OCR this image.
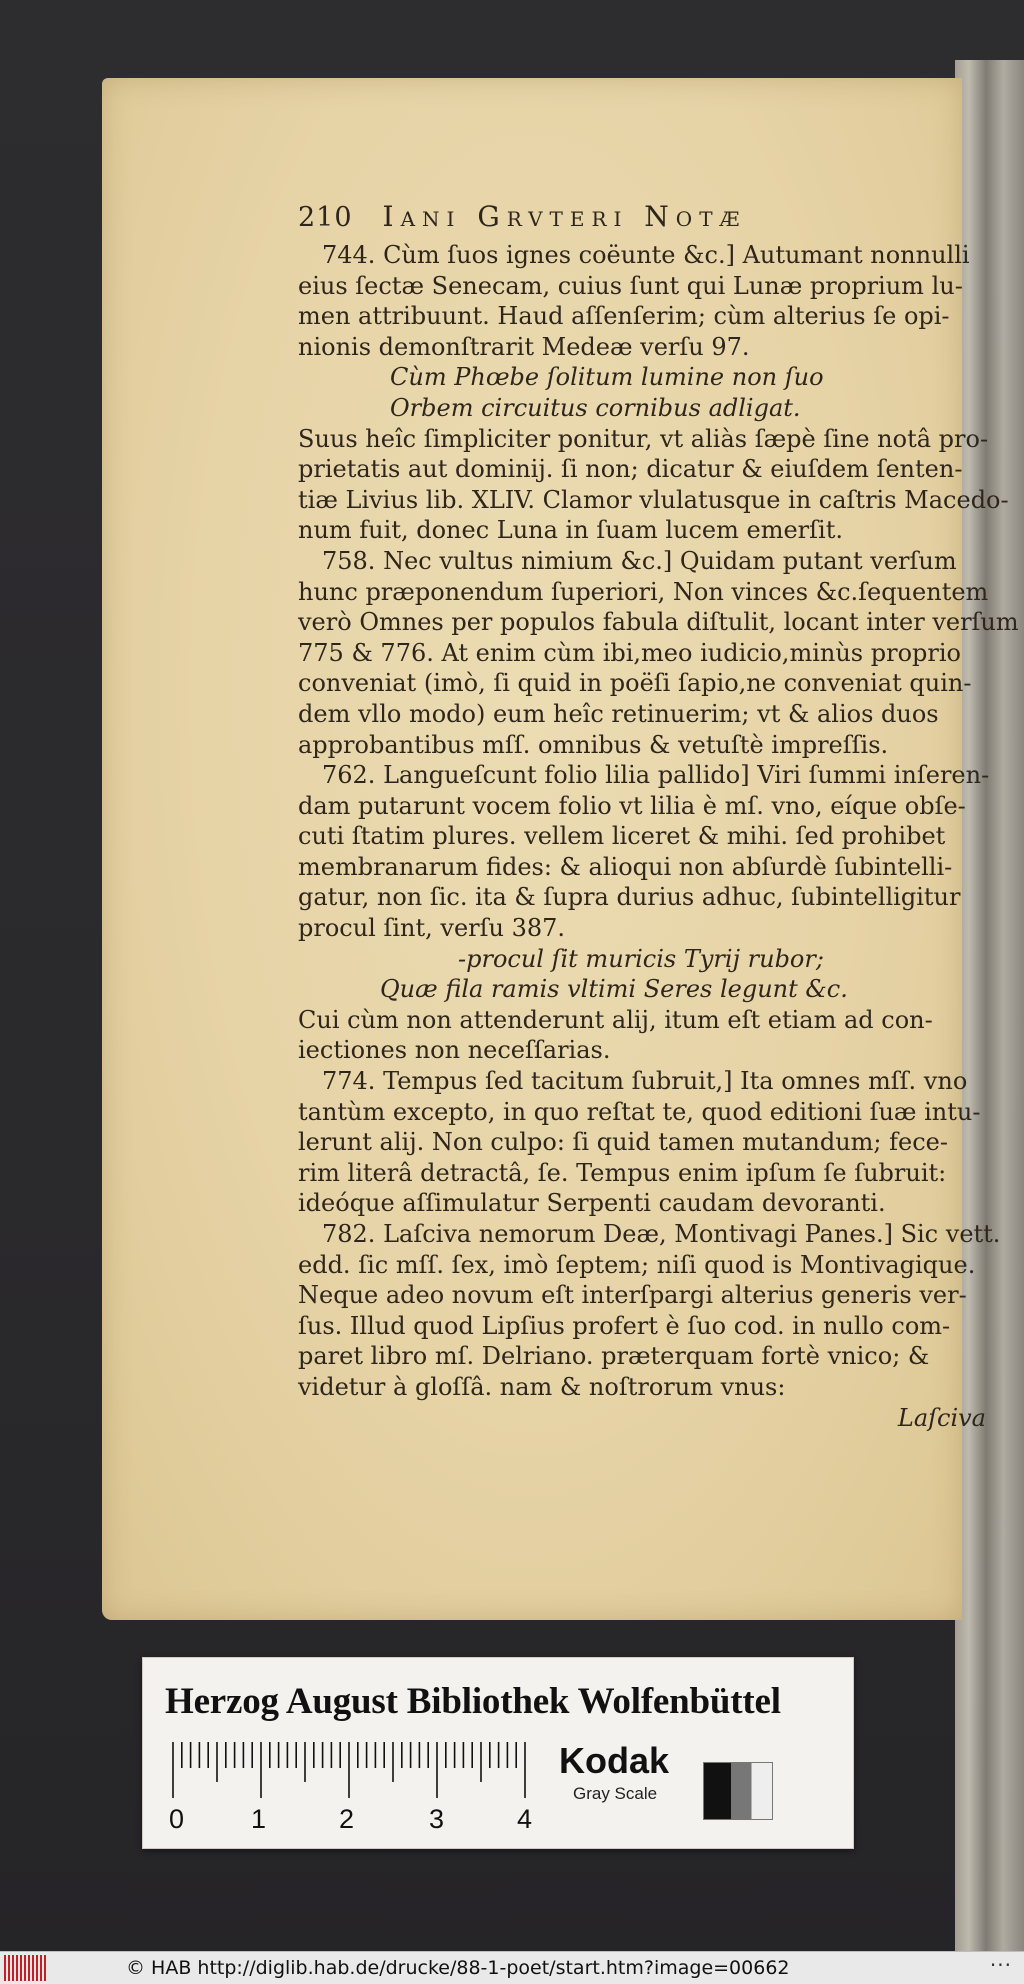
210 Iani Grvteri Notæ
744. Cùm ſuos ignes coëunte &c.] Autumant nonnulli
eius ſectæ Senecam, cuius ſunt qui Lunæ proprium lu-
men attribuunt. Haud aſſenſerim; cùm alterius ſe opi-
nionis demonſtrarit Medeæ verſu 97.
Cùm Phœbe ſolitum lumine non ſuo
Orbem circuitus cornibus adligat.
Suus heîc ſimpliciter ponitur, vt aliàs ſæpè ſine notâ pro-
prietatis aut dominij. ſi non; dicatur & eiuſdem ſenten-
tiæ Livius lib. XLIV. Clamor vlulatusque in caſtris Macedo-
num fuit, donec Luna in ſuam lucem emerſit.
758. Nec vultus nimium &c.] Quidam putant verſum
hunc præponendum ſuperiori, Non vinces &c.ſequentem
verò Omnes per populos fabula diſtulit, locant inter verſum
775 & 776. At enim cùm ibi,meo iudicio,minùs proprio
conveniat (imò, ſi quid in poëſi ſapio,ne conveniat quin-
dem vllo modo) eum heîc retinuerim; vt & alios duos
approbantibus mſſ. omnibus & vetuſtè impreſſis.
762. Langueſcunt folio lilia pallido] Viri ſummi inſeren-
dam putarunt vocem folio vt lilia è mſ. vno, eíque obſe-
cuti ſtatim plures. vellem liceret & mihi. ſed prohibet
membranarum fides: & alioqui non abſurdè ſubintelli-
gatur, non ſic. ita & ſupra durius adhuc, ſubintelligitur
procul ſint, verſu 387.
-procul ſit muricis Tyrij rubor;
Quæ fila ramis vltimi Seres legunt &c.
Cui cùm non attenderunt alij, itum eſt etiam ad con-
iectiones non neceſſarias.
774. Tempus ſed tacitum ſubruit,] Ita omnes mſſ. vno
tantùm excepto, in quo reſtat te, quod editioni ſuæ intu-
lerunt alij. Non culpo: ſi quid tamen mutandum; fece-
rim literâ detractâ, ſe. Tempus enim ipſum ſe ſubruit:
ideóque aſſimulatur Serpenti caudam devoranti.
782. Laſciva nemorum Deæ, Montivagi Panes.] Sic vett.
edd. ſic mſſ. ſex, imò ſeptem; niſi quod is Montivagique.
Neque adeo novum eſt interſpargi alterius generis ver-
ſus. Illud quod Lipſius profert è ſuo cod. in nullo com-
paret libro mſ. Delriano. præterquam fortè vnico; &
videtur à gloſſâ. nam & noſtrorum vnus:
Laſciva
Herzog August Bibliothek Wolfenbüttel
0 1	2	3	4
Kodak
Gray Scale
© HAB http://diglib.hab.de/drucke/88-1-poet/start.htm?image=00662	···
